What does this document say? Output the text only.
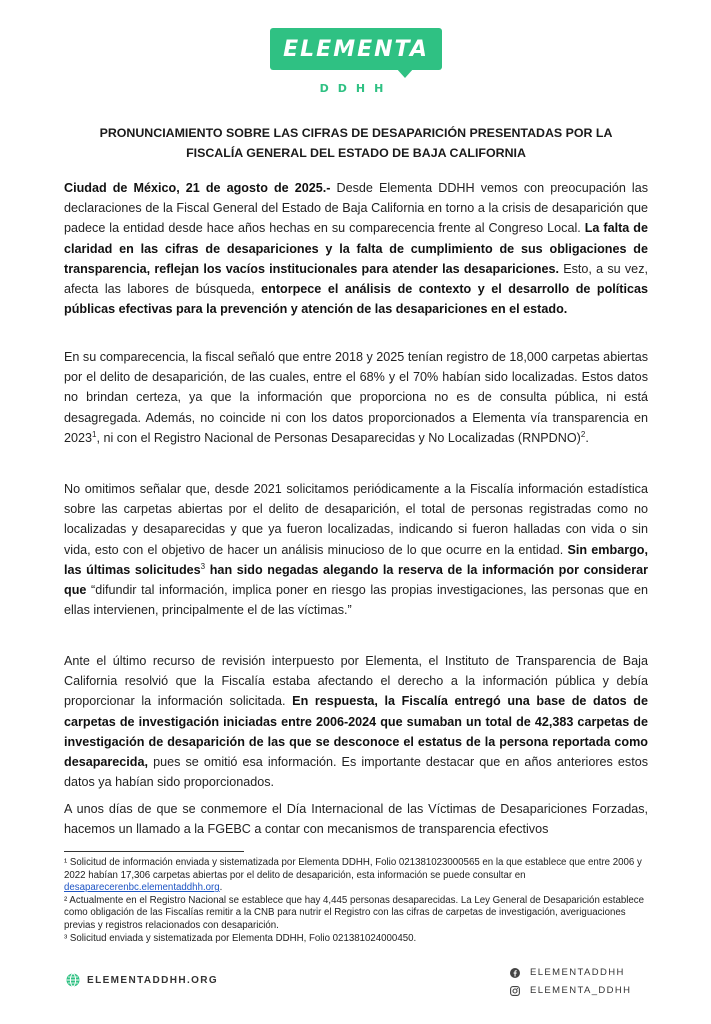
ELEMENTA
DDHH
PRONUNCIAMIENTO SOBRE LAS CIFRAS DE DESAPARICIÓN PRESENTADAS POR LA FISCALÍA GENERAL DEL ESTADO DE BAJA CALIFORNIA
Ciudad de México, 21 de agosto de 2025.- Desde Elementa DDHH vemos con preocupación las declaraciones de la Fiscal General del Estado de Baja California en torno a la crisis de desaparición que padece la entidad desde hace años hechas en su comparecencia frente al Congreso Local. La falta de claridad en las cifras de desapariciones y la falta de cumplimiento de sus obligaciones de transparencia, reflejan los vacíos institucionales para atender las desapariciones. Esto, a su vez, afecta las labores de búsqueda, entorpece el análisis de contexto y el desarrollo de políticas públicas efectivas para la prevención y atención de las desapariciones en el estado.
En su comparecencia, la fiscal señaló que entre 2018 y 2025 tenían registro de 18,000 carpetas abiertas por el delito de desaparición, de las cuales, entre el 68% y el 70% habían sido localizadas. Estos datos no brindan certeza, ya que la información que proporciona no es de consulta pública, ni está desagregada. Además, no coincide ni con los datos proporcionados a Elementa vía transparencia en 2023$^1$, ni con el Registro Nacional de Personas Desaparecidas y No Localizadas (RNPDNO)$^2$.
No omitimos señalar que, desde 2021 solicitamos periódicamente a la Fiscalía información estadística sobre las carpetas abiertas por el delito de desaparición, el total de personas registradas como no localizadas y desaparecidas y que ya fueron localizadas, indicando si fueron halladas con vida o sin vida, esto con el objetivo de hacer un análisis minucioso de lo que ocurre en la entidad. Sin embargo, las últimas solicitudes$^3$ han sido negadas alegando la reserva de la información por considerar que “difundir tal información, implica poner en riesgo las propias investigaciones, las personas que en ellas intervienen, principalmente el de las víctimas.”
Ante el último recurso de revisión interpuesto por Elementa, el Instituto de Transparencia de Baja California resolvió que la Fiscalía estaba afectando el derecho a la información pública y debía proporcionar la información solicitada. En respuesta, la Fiscalía entregó una base de datos de carpetas de investigación iniciadas entre 2006-2024 que sumaban un total de 42,383 carpetas de investigación de desaparición de las que se desconoce el estatus de la persona reportada como desaparecida, pues se omitió esa información. Es importante destacar que en años anteriores estos datos ya habían sido proporcionados.
A unos días de que se conmemore el Día Internacional de las Víctimas de Desapariciones Forzadas, hacemos un llamado a la FGEBC a contar con mecanismos de transparencia efectivos

¹ Solicitud de información enviada y sistematizada por Elementa DDHH, Folio 021381023000565 en la que establece que entre 2006 y 2022 habían 17,306 carpetas abiertas por el delito de desaparición, esta información se puede consultar en desaparecerenbc.elementaddhh.org.

² Actualmente en el Registro Nacional se establece que hay 4,445 personas desaparecidas. La Ley General de Desaparición establece como obligación de las Fiscalías remitir a la CNB para nutrir el Registro con las cifras de carpetas de investigación, averiguaciones previas y registros relacionados con desaparición.

³ Solicitud enviada y sistematizada por Elementa DDHH, Folio 021381024000450.

ELEMENTADDHH.ORG
ELEMENTADDHH
ELEMENTA_DDHH
